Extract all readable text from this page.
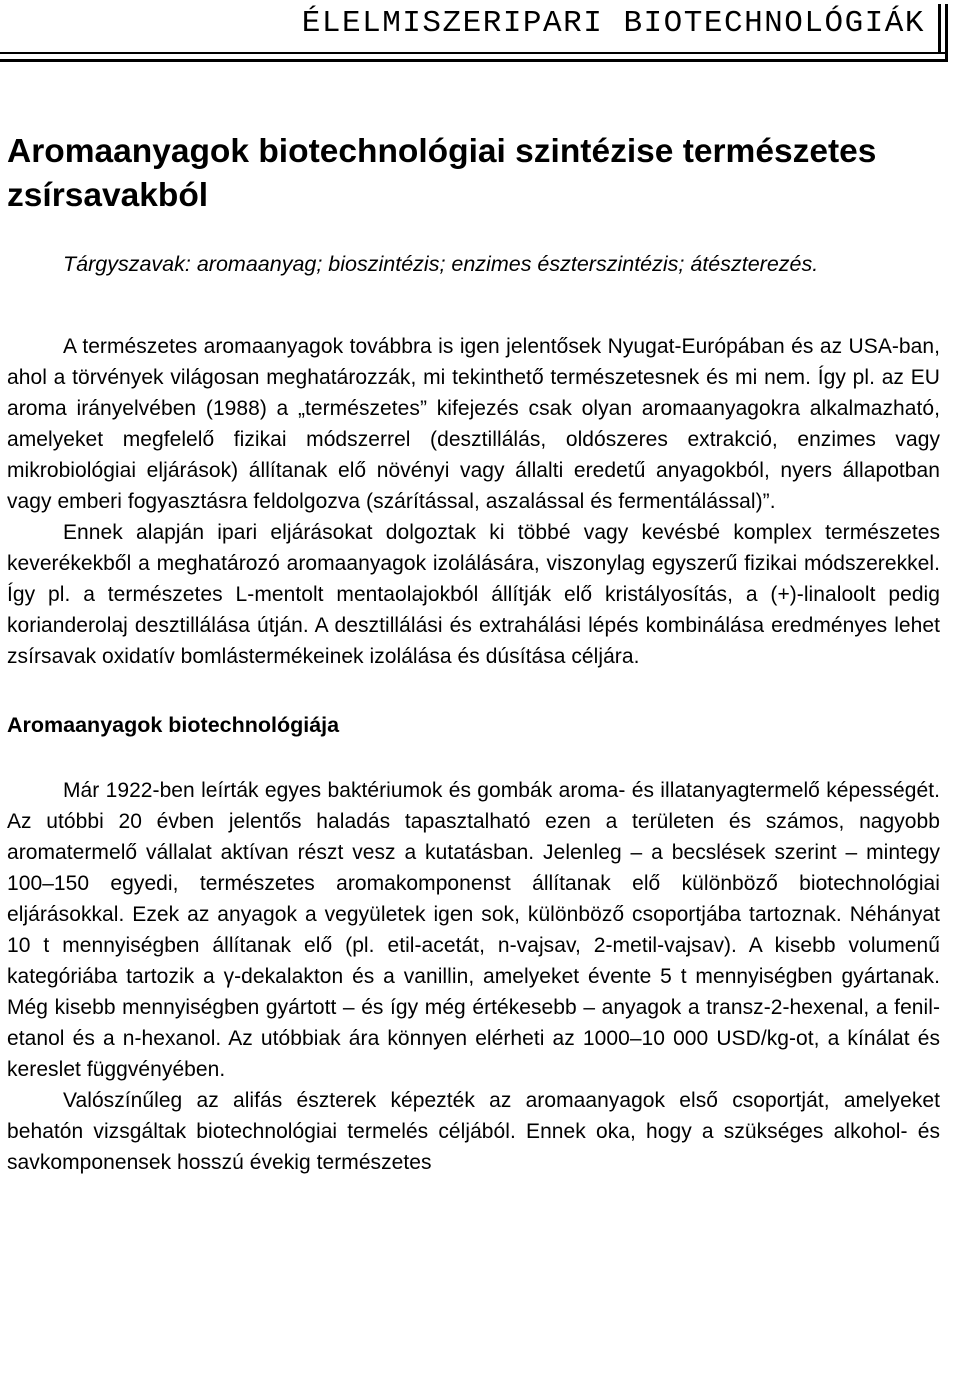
ÉLELMISZERIPARI BIOTECHNOLÓGIÁK
Aromaanyagok biotechnológiai szintézise természetes zsírsavakból

Tárgyszavak: aromaanyag; bioszintézis; enzimes észterszintézis; átészterezés.

A természetes aromaanyagok továbbra is igen jelentősek Nyugat-Európában és az USA-ban, ahol a törvények világosan meghatározzák, mi tekinthető természetesnek és mi nem. Így pl. az EU aroma irányelvében (1988) a „természetes” kifejezés csak olyan aromaanyagokra alkalmazható, amelyeket megfelelő fizikai módszerrel (desztillálás, oldószeres extrakció, enzimes vagy mikrobiológiai eljárások) állítanak elő növényi vagy állalti eredetű anyagokból, nyers állapotban vagy emberi fogyasztásra feldolgozva (szárítással, aszalással és fermentálással)”.

Ennek alapján ipari eljárásokat dolgoztak ki többé vagy kevésbé komplex természetes keverékekből a meghatározó aromaanyagok izolálására, viszonylag egyszerű fizikai módszerekkel. Így pl. a természetes L-mentolt mentaolajokból állítják elő kristályosítás, a (+)-linaloolt pedig korianderolaj desztillálása útján. A desztillálási és extrahálási lépés kombinálása eredményes lehet zsírsavak oxidatív bomlástermékeinek izolálása és dúsítása céljára.

Aromaanyagok biotechnológiája

Már 1922-ben leírták egyes baktériumok és gombák aroma- és illatanyagtermelő képességét. Az utóbbi 20 évben jelentős haladás tapasztalható ezen a területen és számos, nagyobb aromatermelő vállalat aktívan részt vesz a kutatásban. Jelenleg – a becslések szerint – mintegy 100–150 egyedi, természetes aromakomponenst állítanak elő különböző biotechnológiai eljárásokkal. Ezek az anyagok a vegyületek igen sok, különböző csoportjába tartoznak. Néhányat 10 t mennyiségben állítanak elő (pl. etil-acetát, n-vajsav, 2-metil-vajsav). A kisebb volumenű kategóriába tartozik a γ-dekalakton és a vanillin, amelyeket évente 5 t mennyiségben gyártanak. Még kisebb mennyiségben gyártott – és így még értékesebb – anyagok a transz-2-hexenal, a fenil-etanol és a n-hexanol. Az utóbbiak ára könnyen elérheti az 1000–10 000 USD/kg-ot, a kínálat és kereslet függvényében.

Valószínűleg az alifás észterek képezték az aromaanyagok első csoportját, amelyeket behatón vizsgáltak biotechnológiai termelés céljából. Ennek oka, hogy a szükséges alkohol- és savkomponensek hosszú évekig természetes
